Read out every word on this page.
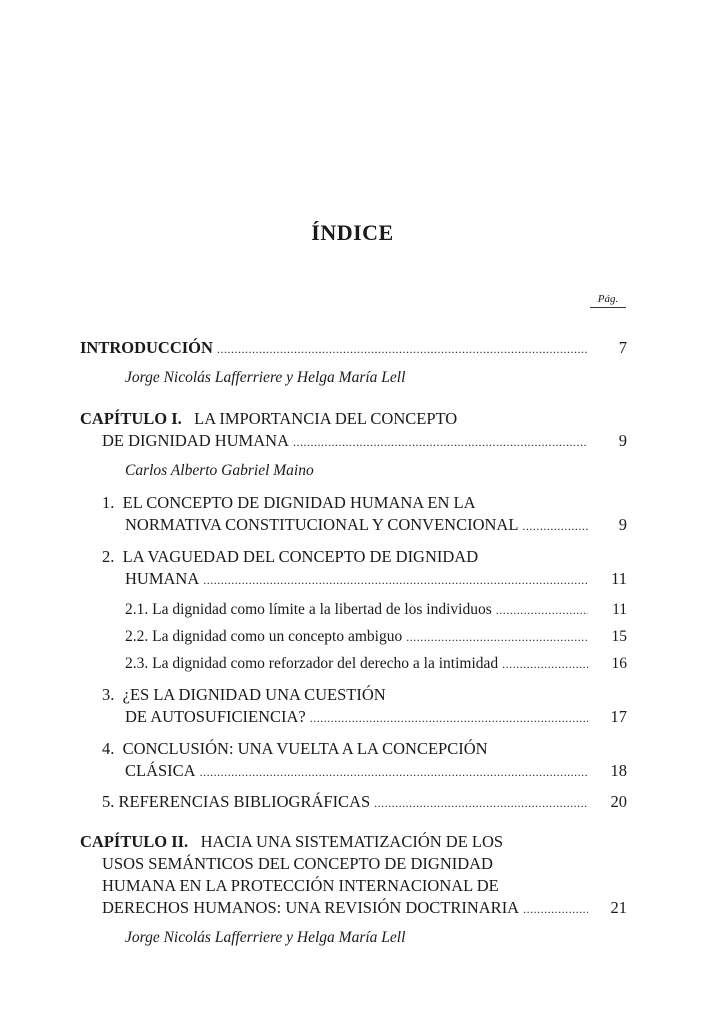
ÍNDICE
Pág.
INTRODUCCIÓN .....	7
Jorge Nicolás Lafferriere y Helga María Lell
CAPÍTULO I. LA IMPORTANCIA DEL CONCEPTO
DE DIGNIDAD HUMANA .....	9
Carlos Alberto Gabriel Maino
1. EL CONCEPTO DE DIGNIDAD HUMANA EN LA
NORMATIVA CONSTITUCIONAL Y CONVENCIONAL .....	9
2. LA VAGUEDAD DEL CONCEPTO DE DIGNIDAD
HUMANA .....	11
2.1. La dignidad como límite a la libertad de los individuos .....	11
2.2. La dignidad como un concepto ambiguo .....	15
2.3. La dignidad como reforzador del derecho a la intimidad .....	16
3. ¿ES LA DIGNIDAD UNA CUESTIÓN
DE AUTOSUFICIENCIA? .....	17
4. CONCLUSIÓN: UNA VUELTA A LA CONCEPCIÓN
CLÁSICA .....	18
5.
REFERENCIAS BIBLIOGRÁFICAS .....	20
CAPÍTULO II. HACIA UNA SISTEMATIZACIÓN DE LOS
USOS SEMÁNTICOS DEL CONCEPTO DE DIGNIDAD
HUMANA EN LA PROTECCIÓN INTERNACIONAL DE
DERECHOS HUMANOS: UNA REVISIÓN DOCTRINARIA .....	21
Jorge Nicolás Lafferriere y Helga María Lell
